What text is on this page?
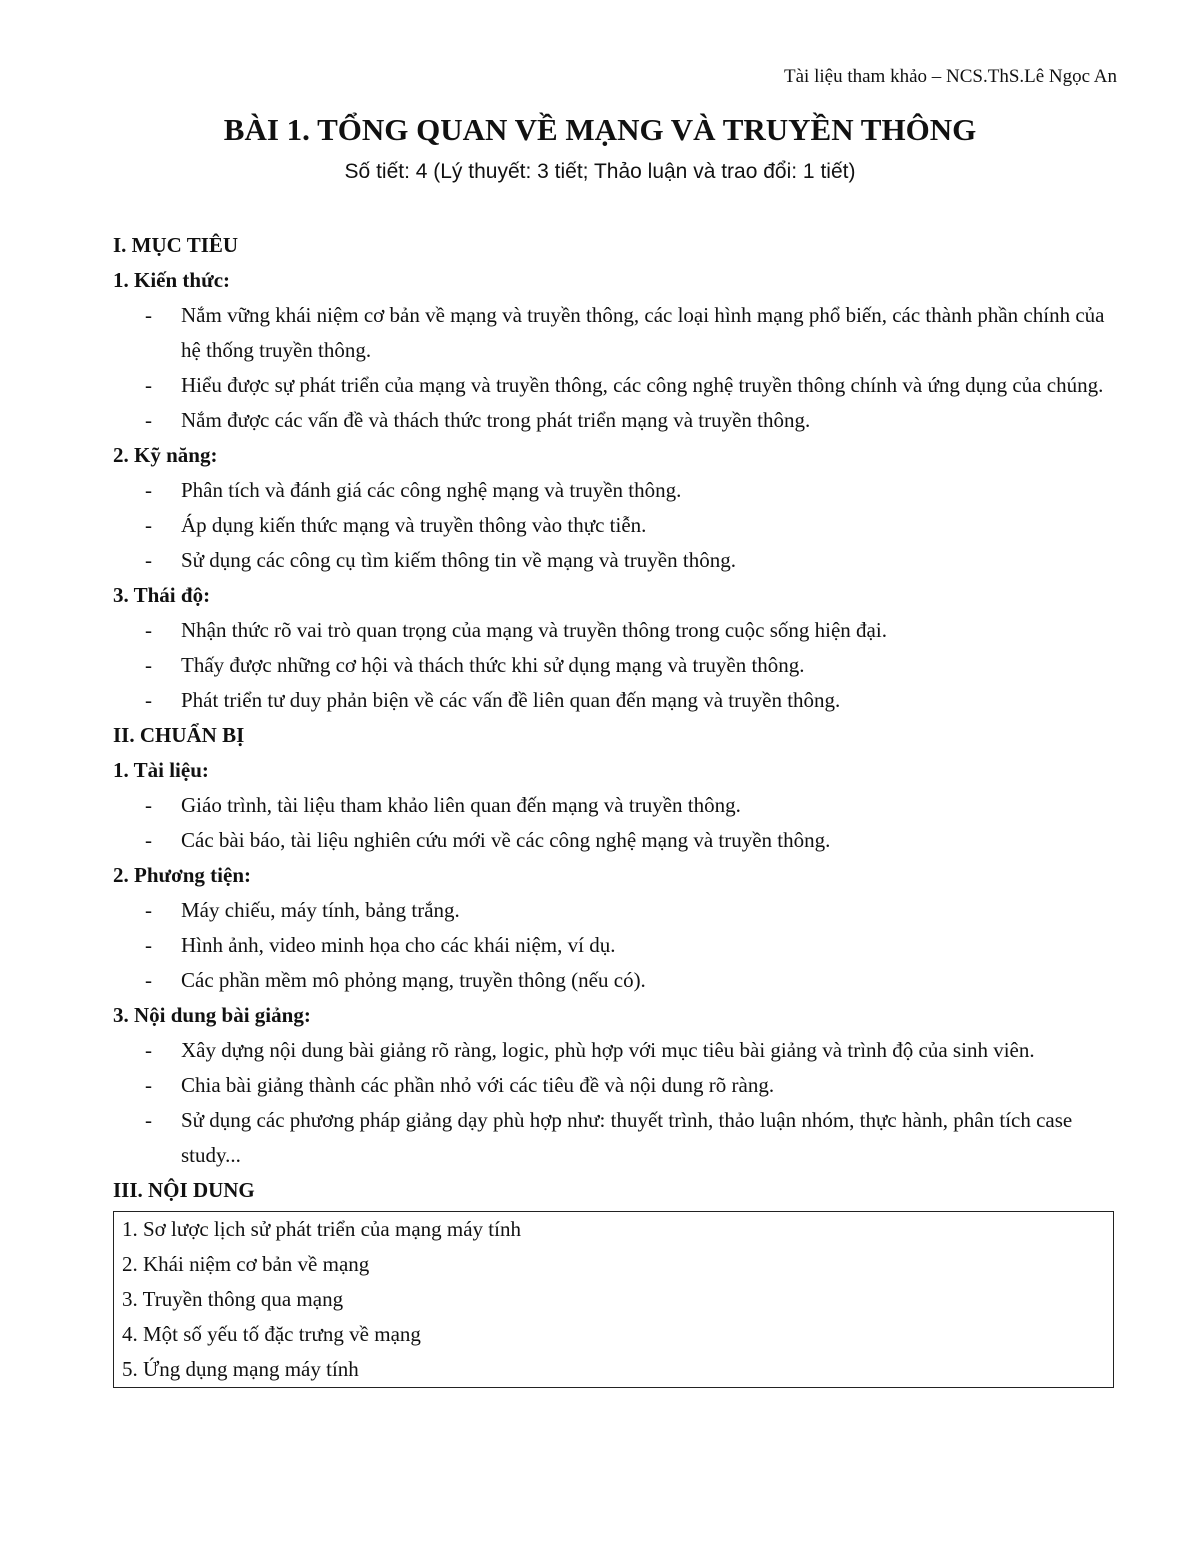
Tài liệu tham khảo – NCS.ThS.Lê Ngọc An
BÀI 1. TỔNG QUAN VỀ MẠNG VÀ TRUYỀN THÔNG
Số tiết: 4 (Lý thuyết: 3 tiết; Thảo luận và trao đổi: 1 tiết)
I. MỤC TIÊU
1. Kiến thức:
- Nắm vững khái niệm cơ bản về mạng và truyền thông, các loại hình mạng phổ biến, các thành phần chính của hệ thống truyền thông.
- Hiểu được sự phát triển của mạng và truyền thông, các công nghệ truyền thông chính và ứng dụng của chúng.
- Nắm được các vấn đề và thách thức trong phát triển mạng và truyền thông.
2. Kỹ năng:
- Phân tích và đánh giá các công nghệ mạng và truyền thông.
- Áp dụng kiến thức mạng và truyền thông vào thực tiễn.
- Sử dụng các công cụ tìm kiếm thông tin về mạng và truyền thông.
3. Thái độ:
- Nhận thức rõ vai trò quan trọng của mạng và truyền thông trong cuộc sống hiện đại.
- Thấy được những cơ hội và thách thức khi sử dụng mạng và truyền thông.
- Phát triển tư duy phản biện về các vấn đề liên quan đến mạng và truyền thông.
II. CHUẨN BỊ
1. Tài liệu:
- Giáo trình, tài liệu tham khảo liên quan đến mạng và truyền thông.
- Các bài báo, tài liệu nghiên cứu mới về các công nghệ mạng và truyền thông.
2. Phương tiện:
- Máy chiếu, máy tính, bảng trắng.
- Hình ảnh, video minh họa cho các khái niệm, ví dụ.
- Các phần mềm mô phỏng mạng, truyền thông (nếu có).
3. Nội dung bài giảng:
- Xây dựng nội dung bài giảng rõ ràng, logic, phù hợp với mục tiêu bài giảng và trình độ của sinh viên.
- Chia bài giảng thành các phần nhỏ với các tiêu đề và nội dung rõ ràng.
- Sử dụng các phương pháp giảng dạy phù hợp như: thuyết trình, thảo luận nhóm, thực hành, phân tích case study...
III. NỘI DUNG
1. Sơ lược lịch sử phát triển của mạng máy tính
2. Khái niệm cơ bản về mạng
3. Truyền thông qua mạng
4. Một số yếu tố đặc trưng về mạng
5. Ứng dụng mạng máy tính
